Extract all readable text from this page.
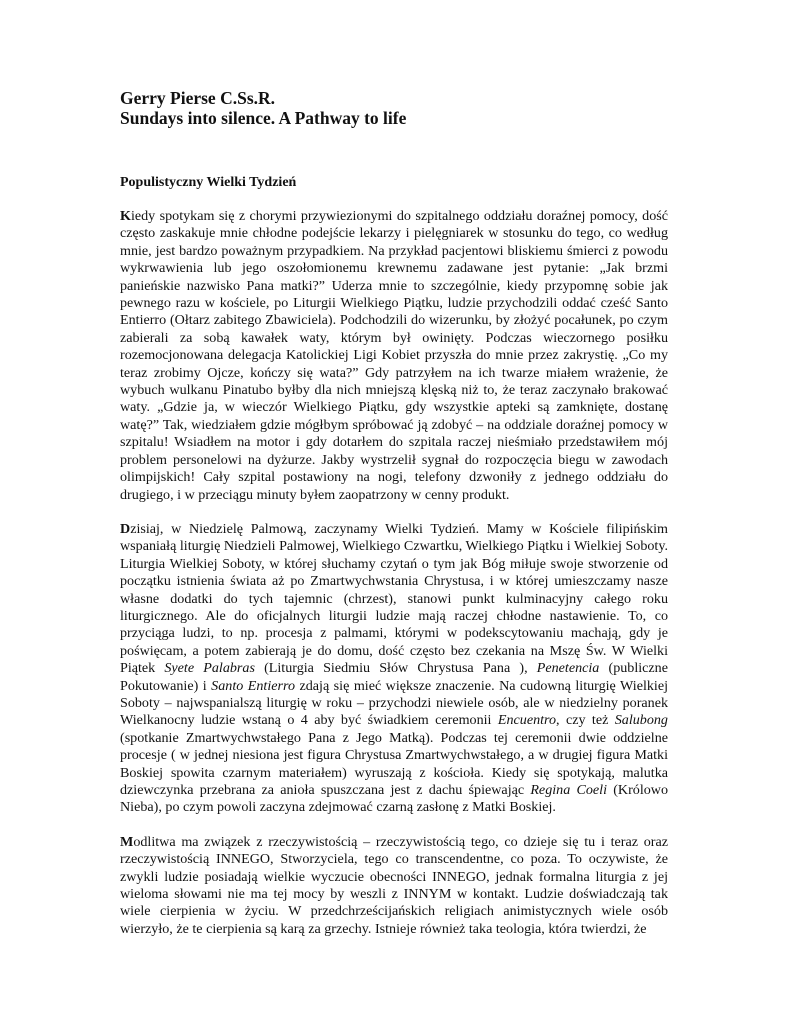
Gerry Pierse C.Ss.R.
Sundays into silence. A Pathway to life
Populistyczny Wielki Tydzień

Kiedy spotykam się z chorymi przywiezionymi do szpitalnego oddziału doraźnej pomocy, dość często zaskakuje mnie chłodne podejście lekarzy i pielęgniarek w stosunku do tego, co według mnie, jest bardzo poważnym przypadkiem. Na przykład pacjentowi bliskiemu śmierci z powodu wykrwawienia lub jego oszołomionemu krewnemu zadawane jest pytanie: „Jak brzmi panieńskie nazwisko Pana matki?” Uderza mnie to szczególnie, kiedy przypomnę sobie jak pewnego razu w kościele, po Liturgii Wielkiego Piątku, ludzie przychodzili oddać cześć Santo Entierro (Ołtarz zabitego Zbawiciela). Podchodzili do wizerunku, by złożyć pocałunek, po czym zabierali za sobą kawałek waty, którym był owinięty. Podczas wieczornego posiłku rozemocjonowana delegacja Katolickiej Ligi Kobiet przyszła do mnie przez zakrystię. „Co my teraz zrobimy Ojcze, kończy się wata?” Gdy patrzyłem na ich twarze miałem wrażenie, że wybuch wulkanu Pinatubo byłby dla nich mniejszą klęską niż to, że teraz zaczynało brakować waty. „Gdzie ja, w wieczór Wielkiego Piątku, gdy wszystkie apteki są zamknięte, dostanę watę?” Tak, wiedziałem gdzie mógłbym spróbować ją zdobyć – na oddziale doraźnej pomocy w szpitalu! Wsiadłem na motor i gdy dotarłem do szpitala raczej nieśmiało przedstawiłem mój problem personelowi na dyżurze. Jakby wystrzelił sygnał do rozpoczęcia biegu w zawodach olimpijskich! Cały szpital postawiony na nogi, telefony dzwoniły z jednego oddziału do drugiego, i w przeciągu minuty byłem zaopatrzony w cenny produkt.

Dzisiaj, w Niedzielę Palmową, zaczynamy Wielki Tydzień. Mamy w Kościele filipińskim wspaniałą liturgię Niedzieli Palmowej, Wielkiego Czwartku, Wielkiego Piątku i Wielkiej Soboty. Liturgia Wielkiej Soboty, w której słuchamy czytań o tym jak Bóg miłuje swoje stworzenie od początku istnienia świata aż po Zmartwychwstania Chrystusa, i w której umieszczamy nasze własne dodatki do tych tajemnic (chrzest), stanowi punkt kulminacyjny całego roku liturgicznego. Ale do oficjalnych liturgii ludzie mają raczej chłodne nastawienie. To, co przyciąga ludzi, to np. procesja z palmami, którymi w podekscytowaniu machają, gdy je poświęcam, a potem zabierają je do domu, dość często bez czekania na Mszę Św. W Wielki Piątek Syete Palabras (Liturgia Siedmiu Słów Chrystusa Pana ), Penetencia (publiczne Pokutowanie) i Santo Entierro zdają się mieć większe znaczenie. Na cudowną liturgię Wielkiej Soboty – najwspanialszą liturgię w roku – przychodzi niewiele osób, ale w niedzielny poranek Wielkanocny ludzie wstaną o 4 aby być świadkiem ceremonii Encuentro, czy też Salubong (spotkanie Zmartwychwstałego Pana z Jego Matką). Podczas tej ceremonii dwie oddzielne procesje ( w jednej niesiona jest figura Chrystusa Zmartwychwstałego, a w drugiej figura Matki Boskiej spowita czarnym materiałem) wyruszają z kościoła. Kiedy się spotykają, malutka dziewczynka przebrana za anioła spuszczana jest z dachu śpiewając Regina Coeli (Królowo Nieba), po czym powoli zaczyna zdejmować czarną zasłonę z Matki Boskiej.

Modlitwa ma związek z rzeczywistością – rzeczywistością tego, co dzieje się tu i teraz oraz rzeczywistością INNEGO, Stworzyciela, tego co transcendentne, co poza. To oczywiste, że zwykli ludzie posiadają wielkie wyczucie obecności INNEGO, jednak formalna liturgia z jej wieloma słowami nie ma tej mocy by weszli z INNYM w kontakt. Ludzie doświadczają tak wiele cierpienia w życiu. W przedchrześcijańskich religiach animistycznych wiele osób wierzyło, że te cierpienia są karą za grzechy. Istnieje również taka teologia, która twierdzi, że
